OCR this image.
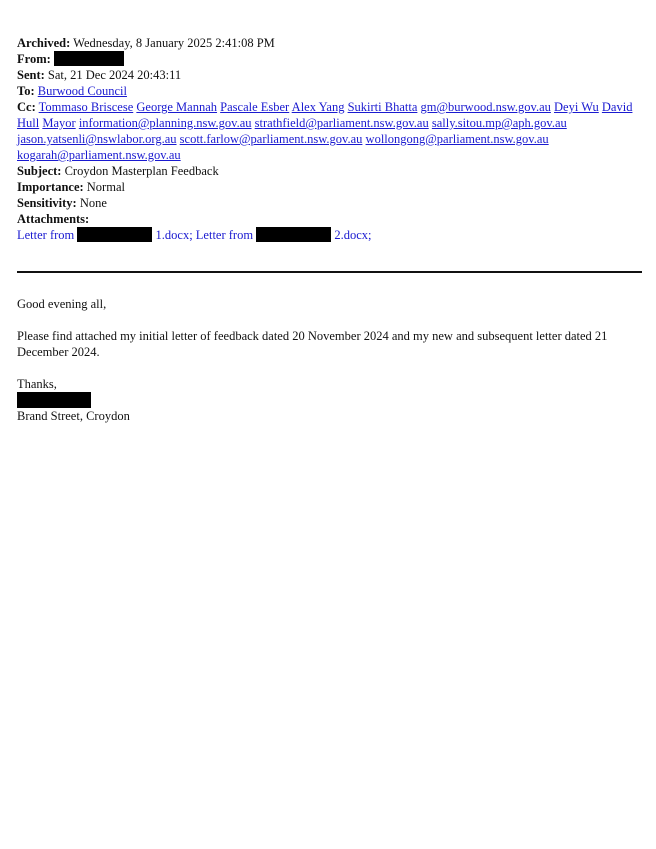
Archived: Wednesday, 8 January 2025 2:41:08 PM
From:
Sent: Sat, 21 Dec 2024 20:43:11
To: Burwood Council
Cc: Tommaso Briscese George Mannah Pascale Esber Alex Yang Sukirti Bhatta gm@burwood.nsw.gov.au Deyi Wu David Hull Mayor information@planning.nsw.gov.au strathfield@parliament.nsw.gov.au sally.sitou.mp@aph.gov.au jason.yatsenli@nswlabor.org.au scott.farlow@parliament.nsw.gov.au wollongong@parliament.nsw.gov.au kogarah@parliament.nsw.gov.au
Subject: Croydon Masterplan Feedback
Importance: Normal
Sensitivity: None
Attachments:
Letter from	1.docx; Letter from	2.docx;

Good evening all,

Please find attached my initial letter of feedback dated 20 November 2024 and my new and subsequent letter dated 21 December 2024.

Thanks,
Brand Street, Croydon
